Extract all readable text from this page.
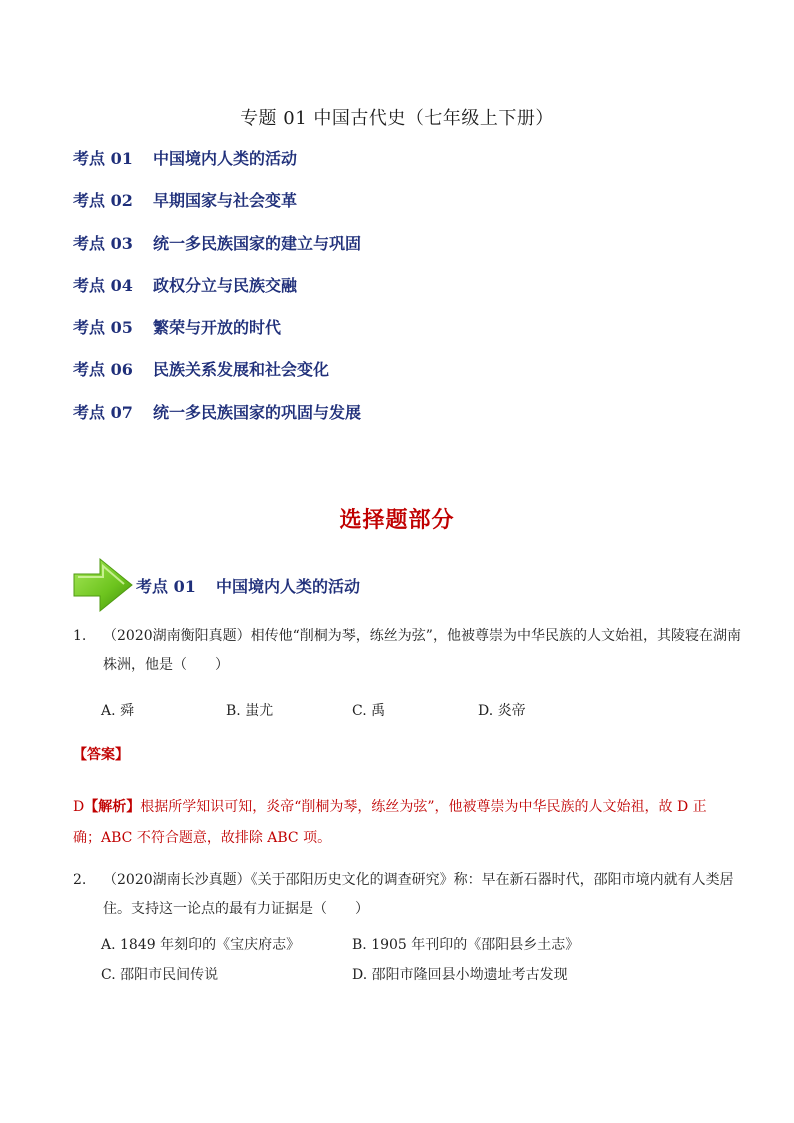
专题 01 中国古代史（七年级上下册）
考点 01 中国境内人类的活动
考点 02 早期国家与社会变革
考点 03 统一多民族国家的建立与巩固
考点 04 政权分立与民族交融
考点 05 繁荣与开放的时代
考点 06 民族关系发展和社会变化
考点 07 统一多民族国家的巩固与发展
选择题部分
考点 01 中国境内人类的活动
1. （2020湖南衡阳真题）相传他“削桐为琴，练丝为弦”，他被尊崇为中华民族的人文始祖，其陵寝在湖南株洲，他是（　　）
A. 舜	B. 蚩尤	C. 禹	D. 炎帝
【答案】
D【解析】根据所学知识可知，炎帝“削桐为琴，练丝为弦”，他被尊崇为中华民族的人文始祖，故 D 正确；ABC 不符合题意，故排除 ABC 项。
2. （2020湖南长沙真题）《关于邵阳历史文化的调查研究》称：早在新石器时代，邵阳市境内就有人类居住。支持这一论点的最有力证据是（　　）
A. 1849 年刻印的《宝庆府志》	B. 1905 年刊印的《邵阳县乡土志》
C. 邵阳市民间传说	D. 邵阳市隆回县小坳遗址考古发现
